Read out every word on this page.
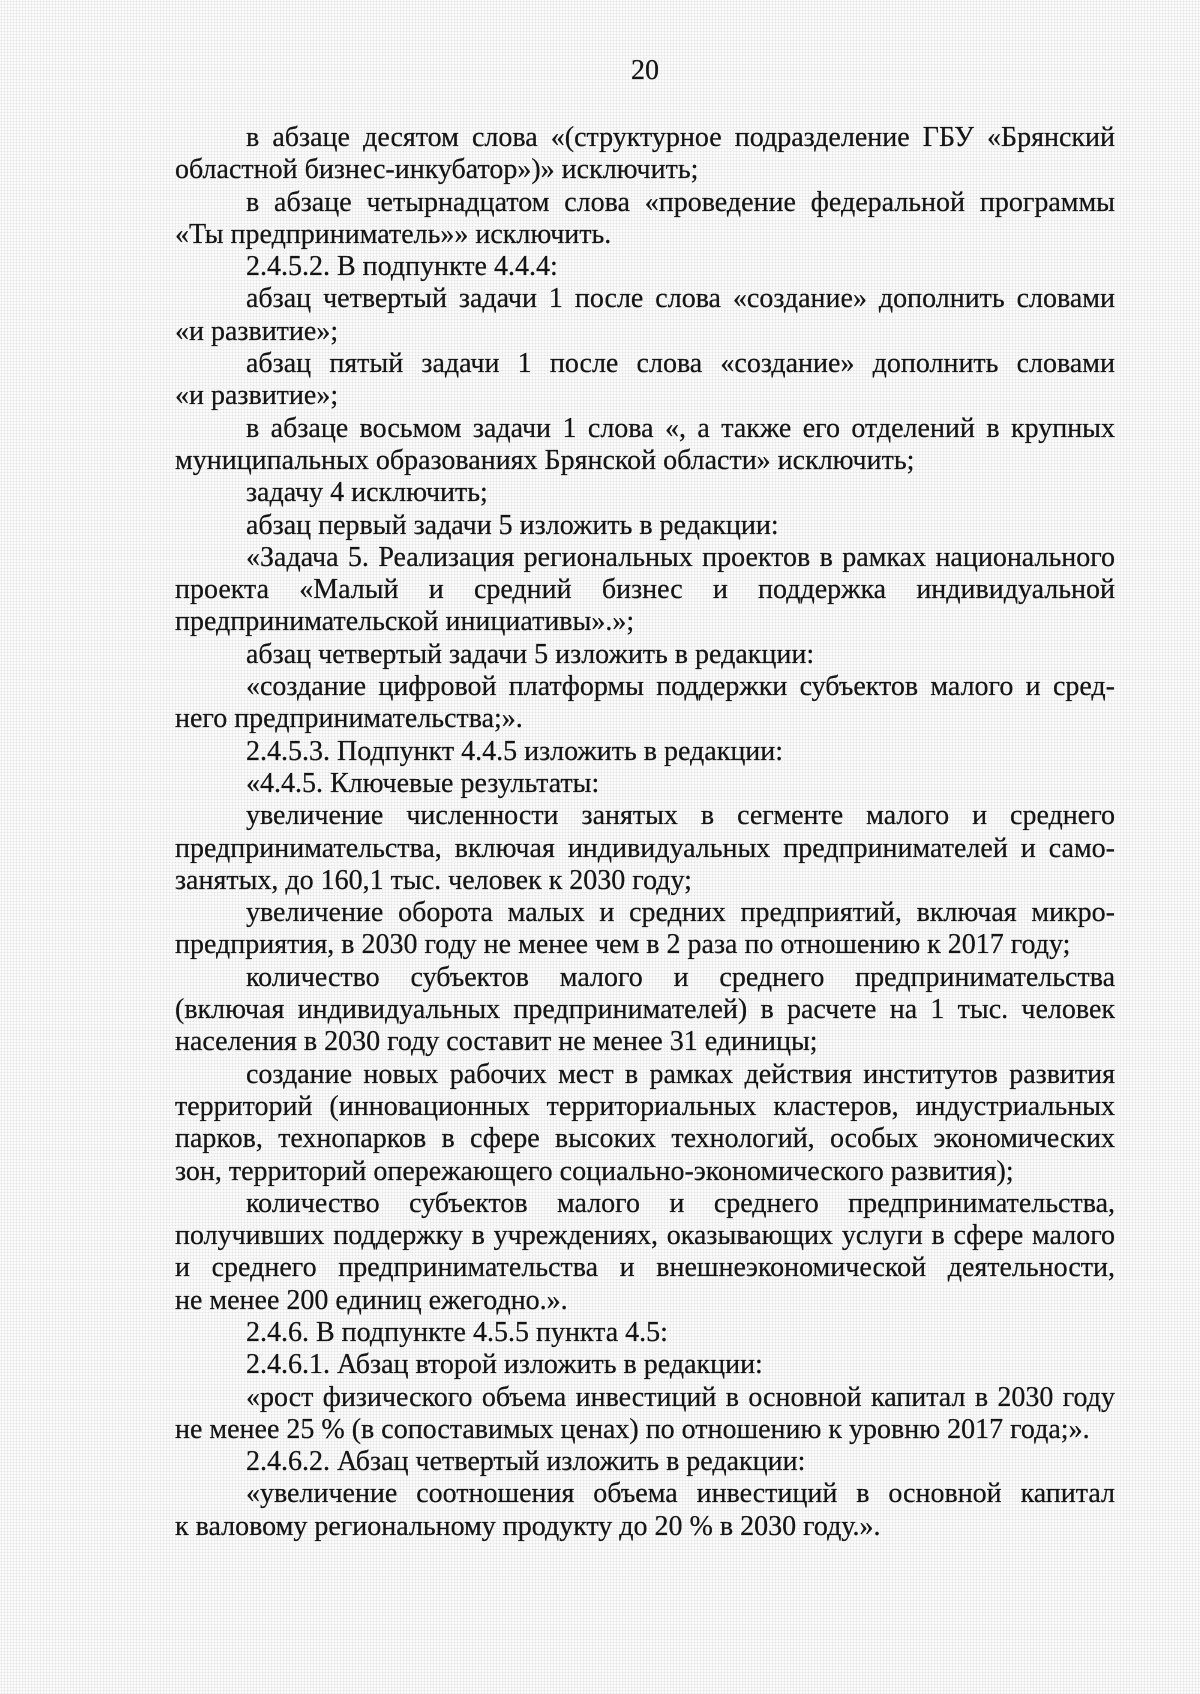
20
в абзаце десятом слова «(структурное подразделение ГБУ «Брянский
областной бизнес-инкубатор»)» исключить;
в абзаце четырнадцатом слова «проведение федеральной программы
«Ты предприниматель»» исключить.
2.4.5.2. В подпункте 4.4.4:
абзац четвертый задачи 1 после слова «создание» дополнить словами
«и развитие»;
абзац пятый задачи 1 после слова «создание» дополнить словами
«и развитие»;
в абзаце восьмом задачи 1 слова «, а также его отделений в крупных
муниципальных образованиях Брянской области» исключить;
задачу 4 исключить;
абзац первый задачи 5 изложить в редакции:
«Задача 5. Реализация региональных проектов в рамках национального
проекта «Малый и средний бизнес и поддержка индивидуальной
предпринимательской инициативы».»;
абзац четвертый задачи 5 изложить в редакции:
«создание цифровой платформы поддержки субъектов малого и сред-
него предпринимательства;».
2.4.5.3. Подпункт 4.4.5 изложить в редакции:
«4.4.5. Ключевые результаты:
увеличение численности занятых в сегменте малого и среднего
предпринимательства, включая индивидуальных предпринимателей и само-
занятых, до 160,1 тыс. человек к 2030 году;
увеличение оборота малых и средних предприятий, включая микро-
предприятия, в 2030 году не менее чем в 2 раза по отношению к 2017 году;
количество субъектов малого и среднего предпринимательства
(включая индивидуальных предпринимателей) в расчете на 1 тыс. человек
населения в 2030 году составит не менее 31 единицы;
создание новых рабочих мест в рамках действия институтов развития
территорий (инновационных территориальных кластеров, индустриальных
парков, технопарков в сфере высоких технологий, особых экономических
зон, территорий опережающего социально-экономического развития);
количество субъектов малого и среднего предпринимательства,
получивших поддержку в учреждениях, оказывающих услуги в сфере малого
и среднего предпринимательства и внешнеэкономической деятельности,
не менее 200 единиц ежегодно.».
2.4.6. В подпункте 4.5.5 пункта 4.5:
2.4.6.1. Абзац второй изложить в редакции:
«рост физического объема инвестиций в основной капитал в 2030 году
не менее 25 % (в сопоставимых ценах) по отношению к уровню 2017 года;».
2.4.6.2. Абзац четвертый изложить в редакции:
«увеличение соотношения объема инвестиций в основной капитал
к валовому региональному продукту до 20 % в 2030 году.».
